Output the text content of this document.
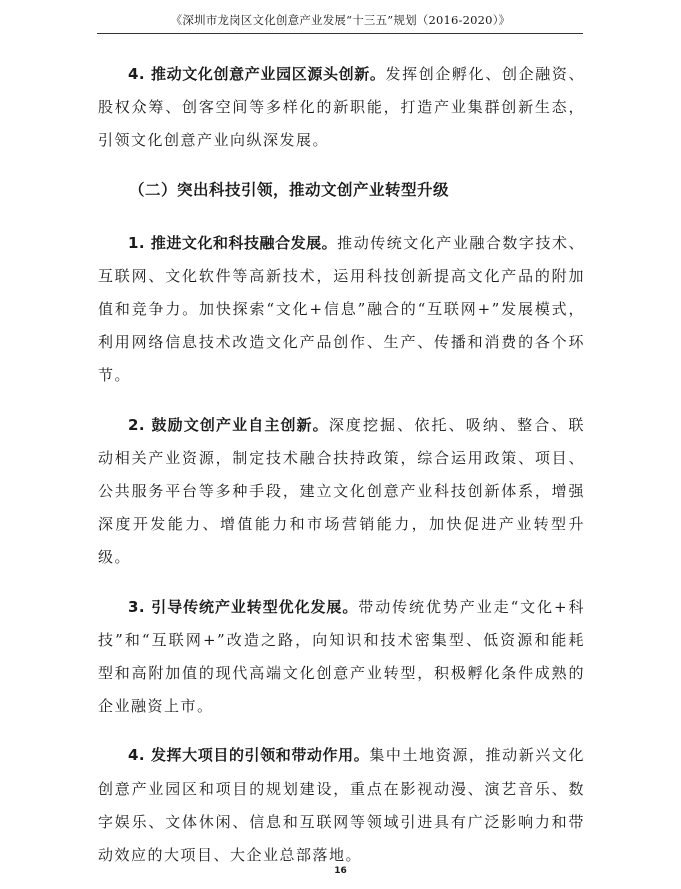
《深圳市龙岗区文化创意产业发展“十三五”规划（2016-2020）》

4. 推动文化创意产业园区源头创新。发挥创企孵化、创企融资、股权众筹、创客空间等多样化的新职能，打造产业集群创新生态，引领文化创意产业向纵深发展。

（二）突出科技引领，推动文创产业转型升级

1. 推进文化和科技融合发展。推动传统文化产业融合数字技术、互联网、文化软件等高新技术，运用科技创新提高文化产品的附加值和竞争力。加快探索“文化+信息”融合的“互联网+”发展模式，利用网络信息技术改造文化产品创作、生产、传播和消费的各个环节。

2. 鼓励文创产业自主创新。深度挖掘、依托、吸纳、整合、联动相关产业资源，制定技术融合扶持政策，综合运用政策、项目、公共服务平台等多种手段，建立文化创意产业科技创新体系，增强深度开发能力、增值能力和市场营销能力，加快促进产业转型升级。

3. 引导传统产业转型优化发展。带动传统优势产业走“文化+科技”和“互联网+”改造之路，向知识和技术密集型、低资源和能耗型和高附加值的现代高端文化创意产业转型，积极孵化条件成熟的企业融资上市。

4. 发挥大项目的引领和带动作用。集中土地资源，推动新兴文化创意产业园区和项目的规划建设，重点在影视动漫、演艺音乐、数字娱乐、文体休闲、信息和互联网等领域引进具有广泛影响力和带动效应的大项目、大企业总部落地。

16
